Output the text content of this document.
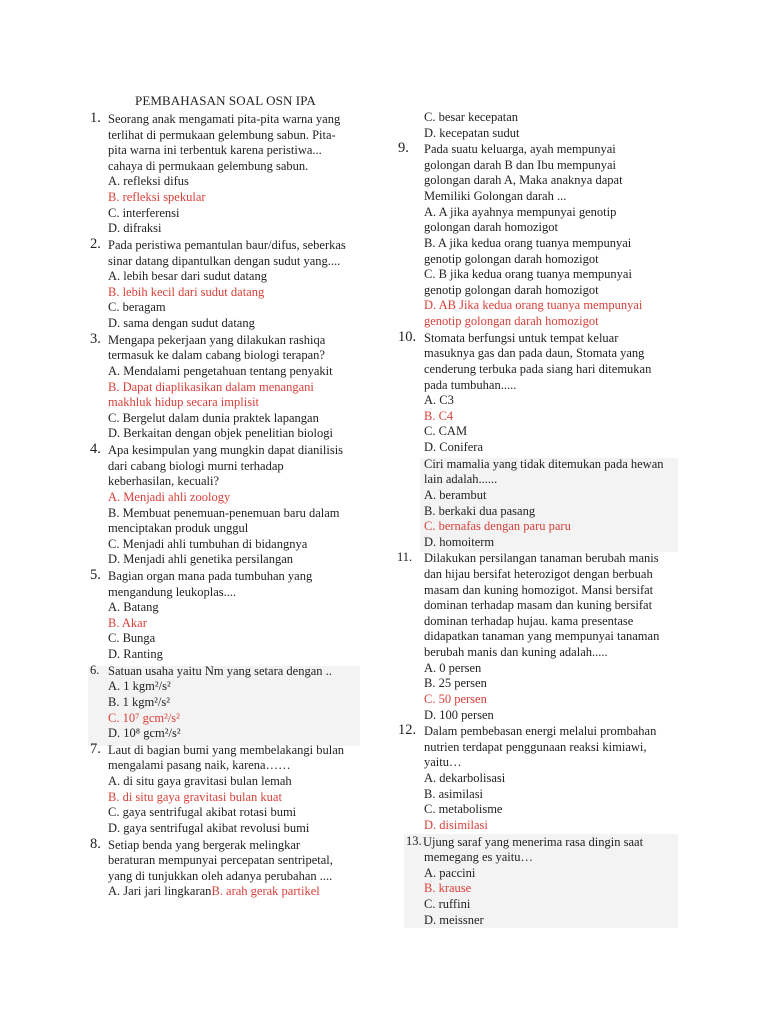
PEMBAHASAN SOAL OSN IPA
1. Seorang anak mengamati pita-pita warna yang
terlihat di permukaan gelembung sabun. Pita-
pita warna ini terbentuk karena peristiwa...
cahaya di permukaan gelembung sabun.
A. refleksi difus
B. refleksi spekular
C. interferensi
D. difraksi
2. Pada peristiwa pemantulan baur/difus, seberkas
sinar datang dipantulkan dengan sudut yang....
A. lebih besar dari sudut datang
B. lebih kecil dari sudut datang
C. beragam
D. sama dengan sudut datang
3. Mengapa pekerjaan yang dilakukan rashiqa
termasuk ke dalam cabang biologi terapan?
A. Mendalami pengetahuan tentang penyakit
B. Dapat diaplikasikan dalam menangani
makhluk hidup secara implisit
C. Bergelut dalam dunia praktek lapangan
D. Berkaitan dengan objek penelitian biologi
4. Apa kesimpulan yang mungkin dapat dianilisis
dari cabang biologi murni terhadap
keberhasilan, kecuali?
A. Menjadi ahli zoology
B. Membuat penemuan-penemuan baru dalam
menciptakan produk unggul
C. Menjadi ahli tumbuhan di bidangnya
D. Menjadi ahli genetika persilangan
5. Bagian organ mana pada tumbuhan yang
mengandung leukoplas....
A. Batang
B. Akar
C. Bunga
D. Ranting
6. Satuan usaha yaitu Nm yang setara dengan ..
A. 1 kgm²/s²
B. 1 kgm²/s²
C. 10⁷ gcm²/s²
D. 10⁸ gcm²/s²
7. Laut di bagian bumi yang membelakangi bulan
mengalami pasang naik, karena……
A. di situ gaya gravitasi bulan lemah
B. di situ gaya gravitasi bulan kuat
C. gaya sentrifugal akibat rotasi bumi
D. gaya sentrifugal akibat revolusi bumi
8. Setiap benda yang bergerak melingkar
beraturan mempunyai percepatan sentripetal,
yang di tunjukkan oleh adanya perubahan ....
A. Jari jari lingkaranB. arah gerak partikel
C. besar kecepatan
D. kecepatan sudut
9. Pada suatu keluarga, ayah mempunyai
golongan darah B dan Ibu mempunyai
golongan darah A, Maka anaknya dapat
Memiliki Golongan darah ...
A. A jika ayahnya mempunyai genotip
golongan darah homozigot
B. A jika kedua orang tuanya mempunyai
genotip golongan darah homozigot
C. B jika kedua orang tuanya mempunyai
genotip golongan darah homozigot
D. AB Jika kedua orang tuanya mempunyai
genotip golongan darah homozigot
10. Stomata berfungsi untuk tempat keluar
masuknya gas dan pada daun, Stomata yang
cenderung terbuka pada siang hari ditemukan
pada tumbuhan.....
A. C3
B. C4
C. CAM
D. Conifera
Ciri mamalia yang tidak ditemukan pada hewan
lain adalah......
A. berambut
B. berkaki dua pasang
C. bernafas dengan paru paru
D. homoiterm
11. Dilakukan persilangan tanaman berubah manis
dan hijau bersifat heterozigot dengan berbuah
masam dan kuning homozigot. Mansi bersifat
dominan terhadap masam dan kuning bersifat
dominan terhadap hujau. kama presentase
didapatkan tanaman yang mempunyai tanaman
berubah manis dan kuning adalah.....
A. 0 persen
B. 25 persen
C. 50 persen
D. 100 persen
12. Dalam pembebasan energi melalui prombahan
nutrien terdapat penggunaan reaksi kimiawi,
yaitu…
A. dekarbolisasi
B. asimilasi
C. metabolisme
D. disimilasi
13. Ujung saraf yang menerima rasa dingin saat
memegang es yaitu…
A. paccini
B. krause
C. ruffini
D. meissner
